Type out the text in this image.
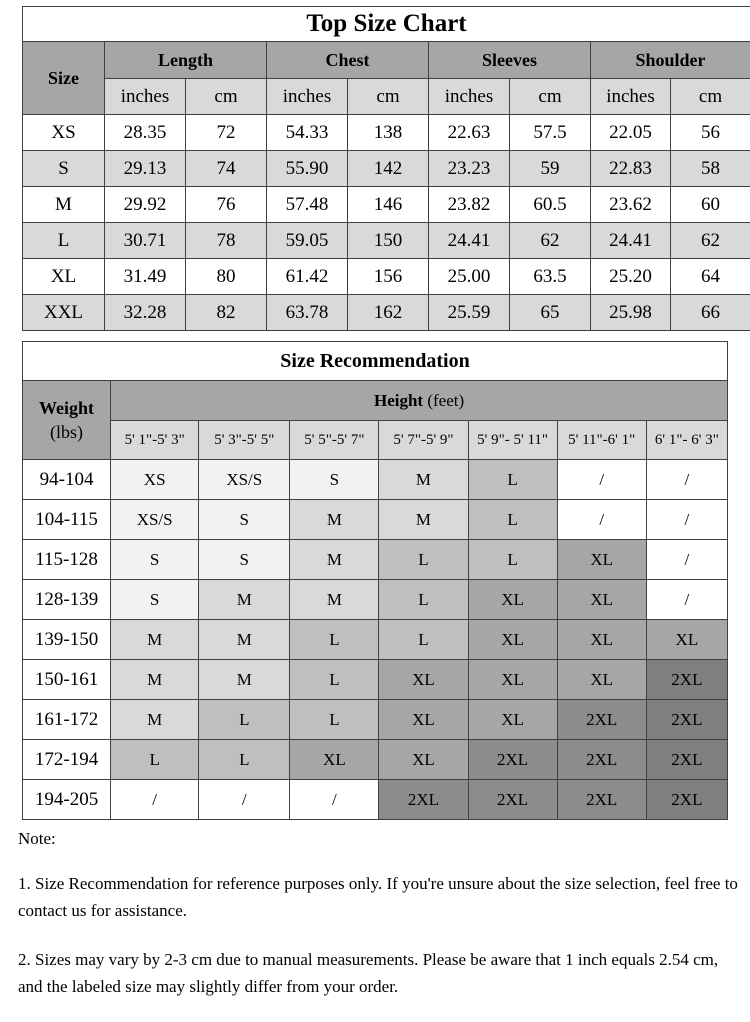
Top Size Chart								
Size	Length		Chest		Sleeves		Shoulder	
	inches	cm	inches	cm	inches	cm	inches	cm
XS	28.35	72	54.33	138	22.63	57.5	22.05	56
S	29.13	74	55.90	142	23.23	59	22.83	58
M	29.92	76	57.48	146	23.82	60.5	23.62	60
L	30.71	78	59.05	150	24.41	62	24.41	62
XL	31.49	80	61.42	156	25.00	63.5	25.20	64
XXL	32.28	82	63.78	162	25.59	65	25.98	66
Size Recommendation							

Weight
(lbs)	Height (feet)						
	5' 1"-5' 3"	5' 3"-5' 5"	5' 5"-5' 7"	5' 7"-5' 9"	5' 9"- 5' 11"	5' 11"-6' 1"	6' 1"- 6' 3"
94-104	XS	XS/S	S	M	L	/	/
104-115	XS/S	S	M	M	L	/	/
115-128	S	S	M	L	L	XL	/
128-139	S	M	M	L	XL	XL	/
139-150	M	M	L	L	XL	XL	XL
150-161	M	M	L	XL	XL	XL	2XL
161-172	M	L	L	XL	XL	2XL	2XL
172-194	L	L	XL	XL	2XL	2XL	2XL
194-205	/	/	/	2XL	2XL	2XL	2XL

Note:

1. Size Recommendation for reference purposes only. If you're unsure about the size selection, feel free to contact us for assistance.

2. Sizes may vary by 2-3 cm due to manual measurements. Please be aware that 1 inch equals 2.54 cm, and the labeled size may slightly differ from your order.
